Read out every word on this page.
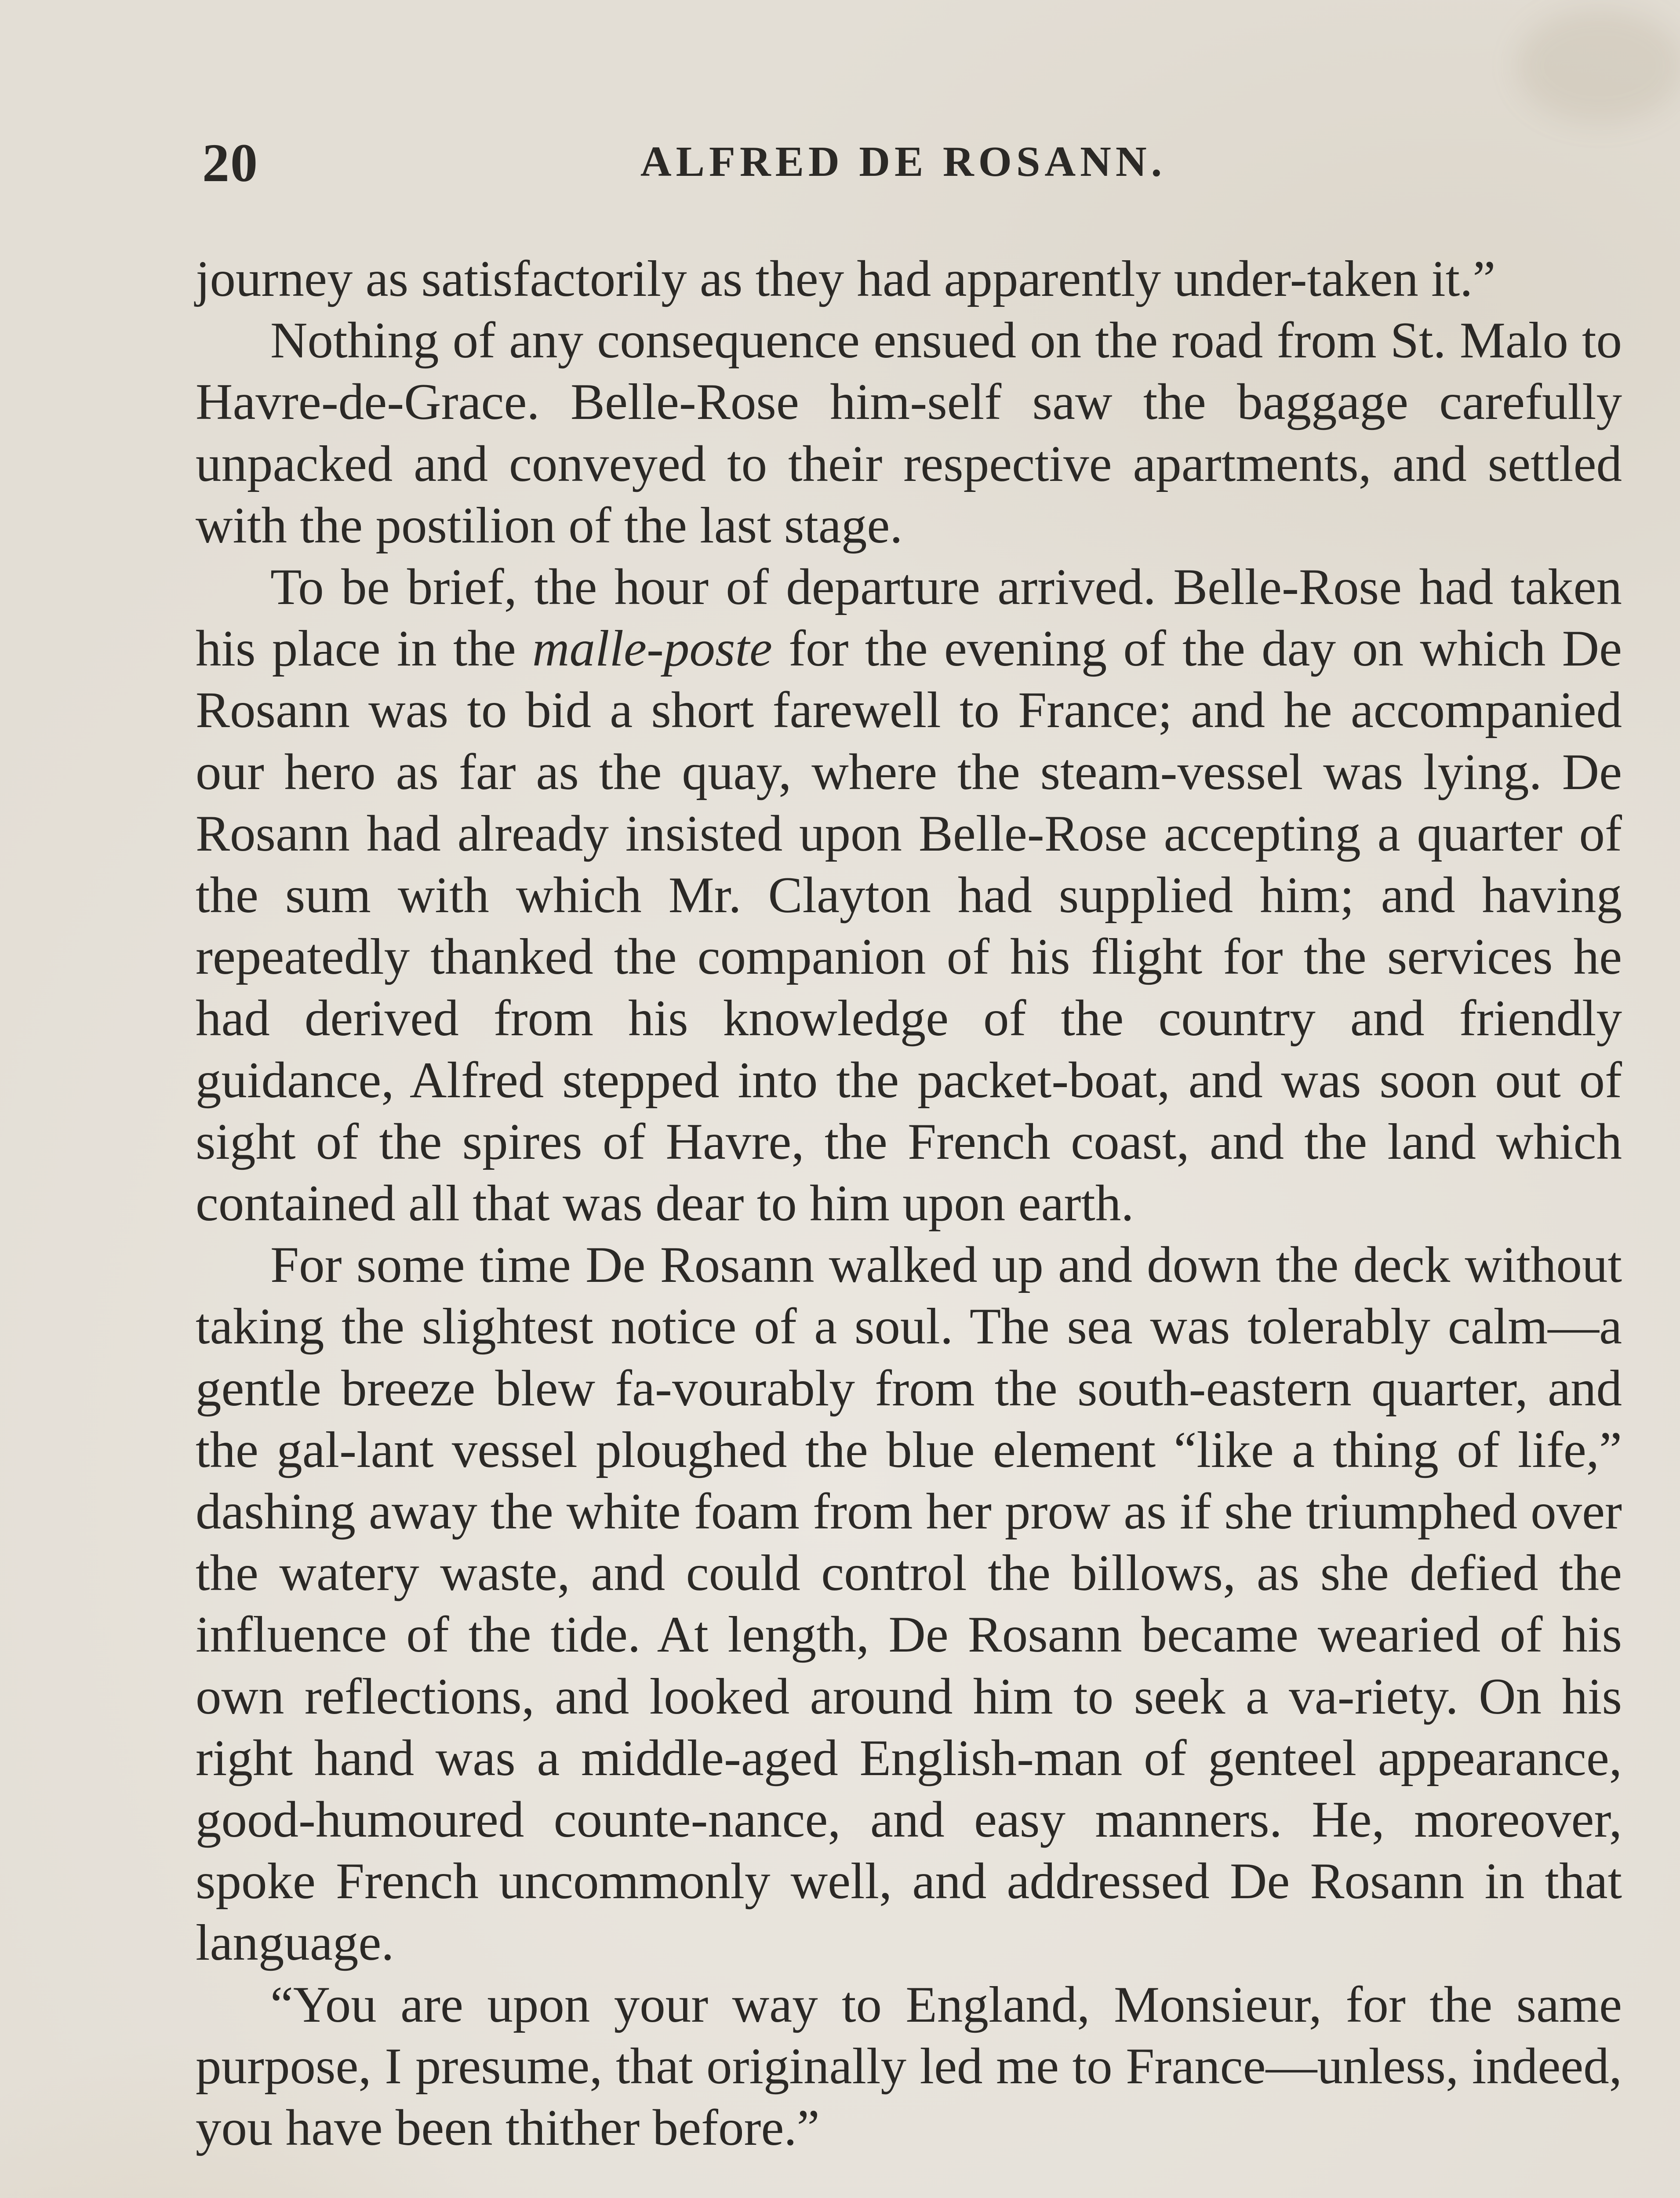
20	ALFRED DE ROSANN.

journey as satisfactorily as they had apparently under-taken it.”

Nothing of any consequence ensued on the road from St. Malo to Havre-de-Grace. Belle-Rose him-self saw the baggage carefully unpacked and conveyed to their respective apartments, and settled with the postilion of the last stage.

To be brief, the hour of departure arrived. Belle-Rose had taken his place in the malle-poste for the evening of the day on which De Rosann was to bid a short farewell to France; and he accompanied our hero as far as the quay, where the steam-vessel was lying. De Rosann had already insisted upon Belle-Rose accepting a quarter of the sum with which Mr. Clayton had supplied him; and having repeatedly thanked the companion of his flight for the services he had derived from his knowledge of the country and friendly guidance, Alfred stepped into the packet-boat, and was soon out of sight of the spires of Havre, the French coast, and the land which contained all that was dear to him upon earth.

For some time De Rosann walked up and down the deck without taking the slightest notice of a soul. The sea was tolerably calm—a gentle breeze blew fa-vourably from the south-eastern quarter, and the gal-lant vessel ploughed the blue element “like a thing of life,” dashing away the white foam from her prow as if she triumphed over the watery waste, and could control the billows, as she defied the influence of the tide. At length, De Rosann became wearied of his own reflections, and looked around him to seek a va-riety. On his right hand was a middle-aged English-man of genteel appearance, good-humoured counte-nance, and easy manners. He, moreover, spoke French uncommonly well, and addressed De Rosann in that language.

“You are upon your way to England, Monsieur, for the same purpose, I presume, that originally led me to France—unless, indeed, you have been thither before.”
